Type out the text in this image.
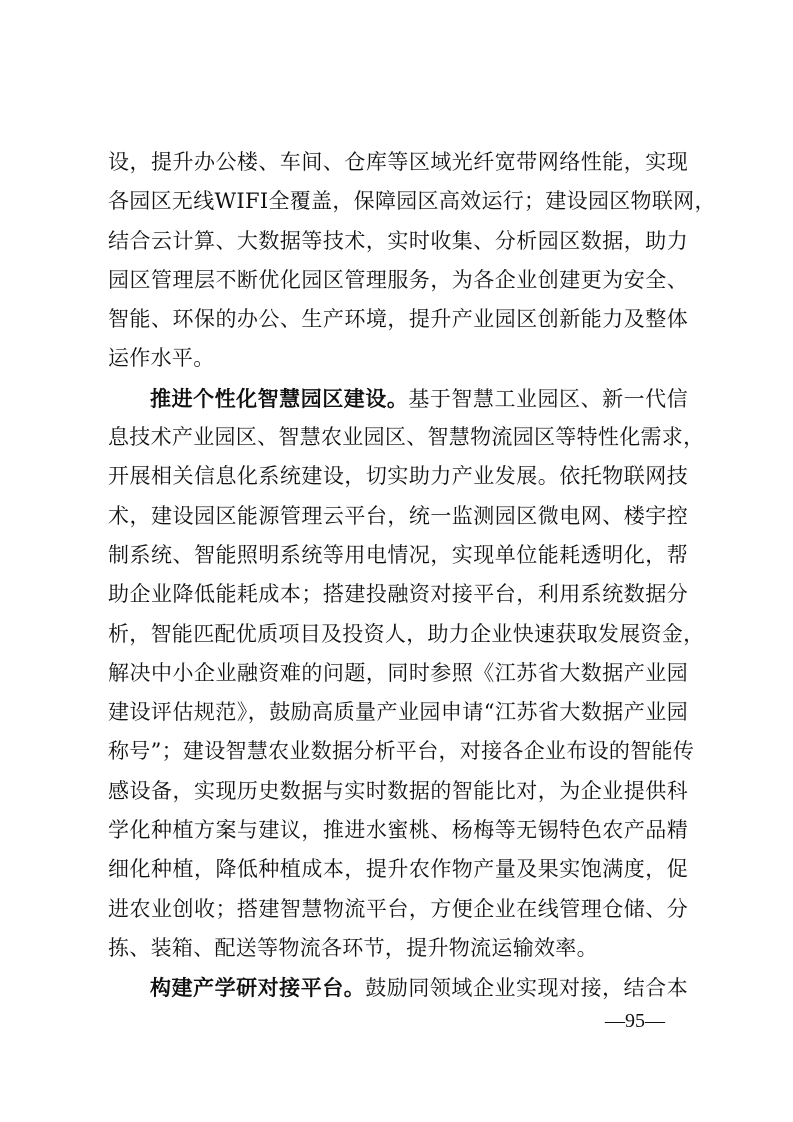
设，提升办公楼、车间、仓库等区域光纤宽带网络性能，实现
各园区无线WIFI全覆盖，保障园区高效运行；建设园区物联网，
结合云计算、大数据等技术，实时收集、分析园区数据，助力
园区管理层不断优化园区管理服务，为各企业创建更为安全、
智能、环保的办公、生产环境，提升产业园区创新能力及整体
运作水平。
推进个性化智慧园区建设。基于智慧工业园区、新一代信
息技术产业园区、智慧农业园区、智慧物流园区等特性化需求，
开展相关信息化系统建设，切实助力产业发展。依托物联网技
术，建设园区能源管理云平台，统一监测园区微电网、楼宇控
制系统、智能照明系统等用电情况，实现单位能耗透明化，帮
助企业降低能耗成本；搭建投融资对接平台，利用系统数据分
析，智能匹配优质项目及投资人，助力企业快速获取发展资金，
解决中小企业融资难的问题，同时参照《江苏省大数据产业园
建设评估规范》，鼓励高质量产业园申请“江苏省大数据产业园
称号”；建设智慧农业数据分析平台，对接各企业布设的智能传
感设备，实现历史数据与实时数据的智能比对，为企业提供科
学化种植方案与建议，推进水蜜桃、杨梅等无锡特色农产品精
细化种植，降低种植成本，提升农作物产量及果实饱满度，促
进农业创收；搭建智慧物流平台，方便企业在线管理仓储、分
拣、装箱、配送等物流各环节，提升物流运输效率。
构建产学研对接平台。鼓励同领域企业实现对接，结合本
—95—
